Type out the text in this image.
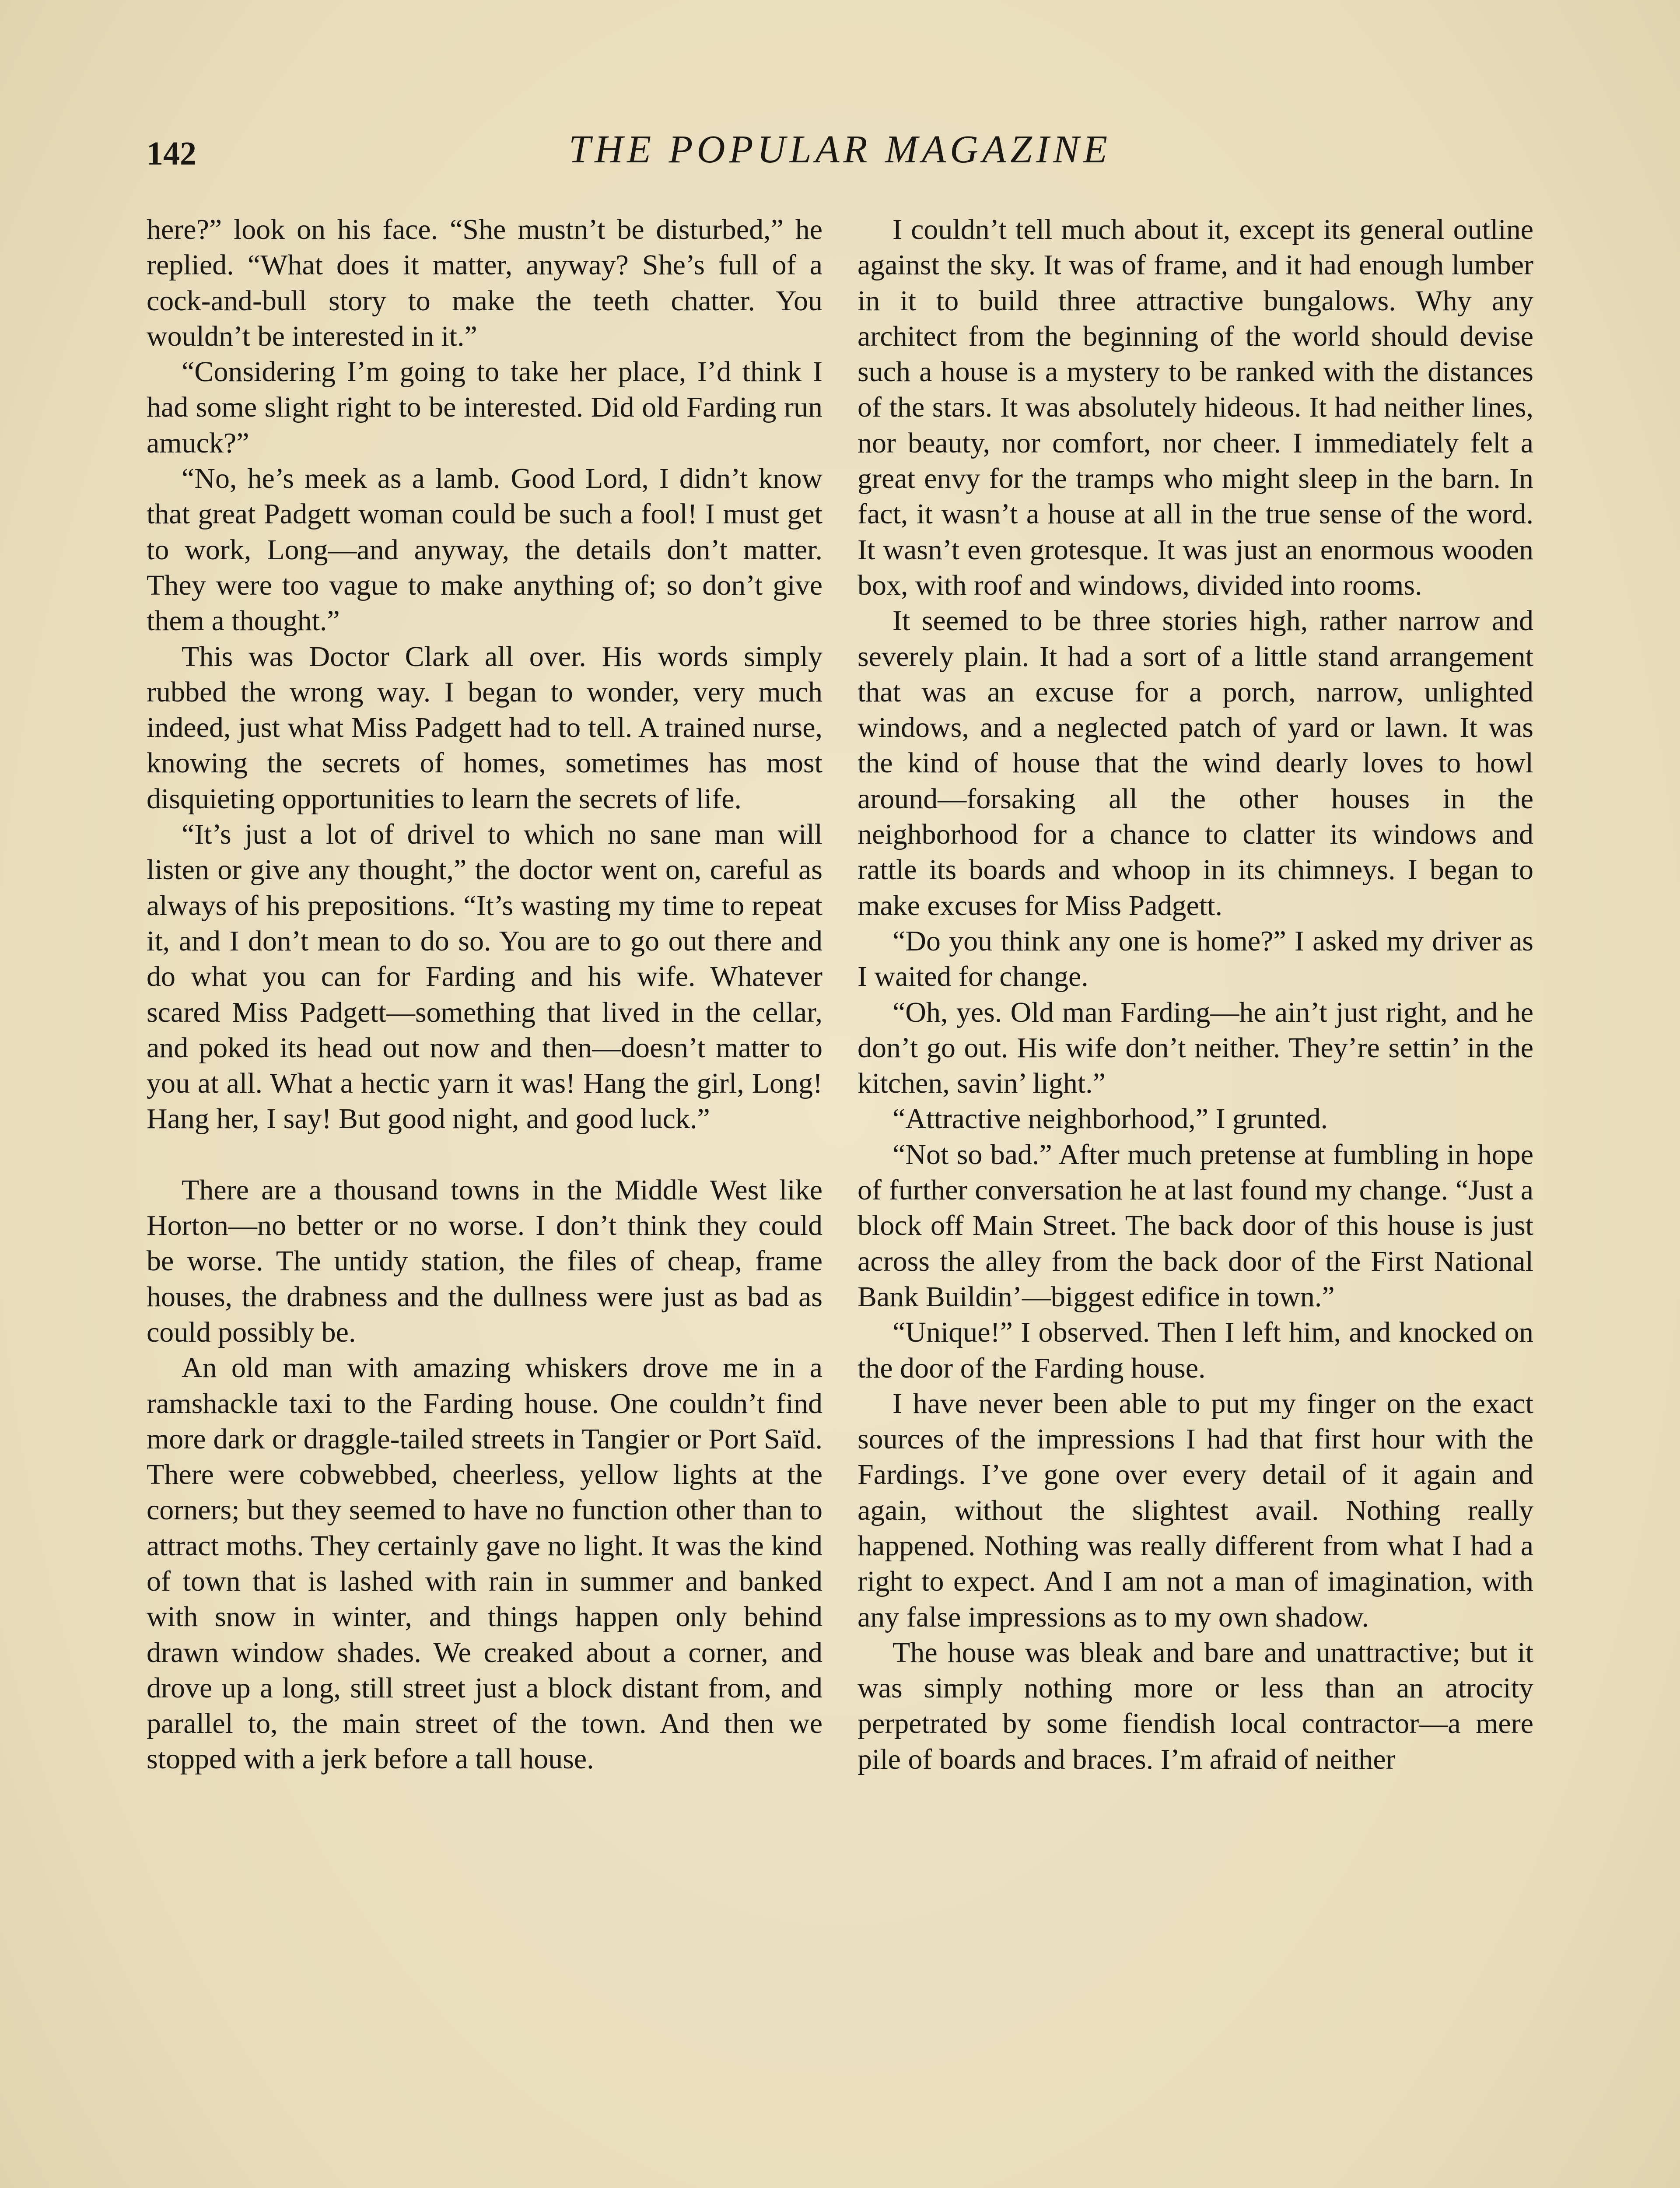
142	THE POPULAR MAGAZINE

here?” look on his face. “She mustn’t be disturbed,” he replied. “What does it matter, anyway? She’s full of a cock-and-bull story to make the teeth chatter. You wouldn’t be interested in it.”

“Considering I’m going to take her place, I’d think I had some slight right to be interested. Did old Farding run amuck?”

“No, he’s meek as a lamb. Good Lord, I didn’t know that great Padgett woman could be such a fool! I must get to work, Long—and anyway, the details don’t matter. They were too vague to make anything of; so don’t give them a thought.”

This was Doctor Clark all over. His words simply rubbed the wrong way. I began to wonder, very much indeed, just what Miss Padgett had to tell. A trained nurse, knowing the secrets of homes, sometimes has most disquieting opportunities to learn the secrets of life.

“It’s just a lot of drivel to which no sane man will listen or give any thought,” the doctor went on, careful as always of his prepositions. “It’s wasting my time to repeat it, and I don’t mean to do so. You are to go out there and do what you can for Farding and his wife. Whatever scared Miss Padgett—something that lived in the cellar, and poked its head out now and then—doesn’t matter to you at all. What a hectic yarn it was! Hang the girl, Long! Hang her, I say! But good night, and good luck.”

There are a thousand towns in the Middle West like Horton—no better or no worse. I don’t think they could be worse. The untidy station, the files of cheap, frame houses, the drabness and the dullness were just as bad as could possibly be.

An old man with amazing whiskers drove me in a ramshackle taxi to the Farding house. One couldn’t find more dark or draggle-tailed streets in Tangier or Port Saïd. There were cobwebbed, cheerless, yellow lights at the corners; but they seemed to have no function other than to attract moths. They certainly gave no light. It was the kind of town that is lashed with rain in summer and banked with snow in winter, and things happen only behind drawn window shades. We creaked about a corner, and drove up a long, still street just a block distant from, and parallel to, the main street of the town. And then we stopped with a jerk before a tall house.

I couldn’t tell much about it, except its general outline against the sky. It was of frame, and it had enough lumber in it to build three attractive bungalows. Why any architect from the beginning of the world should devise such a house is a mystery to be ranked with the distances of the stars. It was absolutely hideous. It had neither lines, nor beauty, nor comfort, nor cheer. I immediately felt a great envy for the tramps who might sleep in the barn. In fact, it wasn’t a house at all in the true sense of the word. It wasn’t even grotesque. It was just an enormous wooden box, with roof and windows, divided into rooms.

It seemed to be three stories high, rather narrow and severely plain. It had a sort of a little stand arrangement that was an excuse for a porch, narrow, unlighted windows, and a neglected patch of yard or lawn. It was the kind of house that the wind dearly loves to howl around—forsaking all the other houses in the neighborhood for a chance to clatter its windows and rattle its boards and whoop in its chimneys. I began to make excuses for Miss Padgett.

“Do you think any one is home?” I asked my driver as I waited for change.

“Oh, yes. Old man Farding—he ain’t just right, and he don’t go out. His wife don’t neither. They’re settin’ in the kitchen, savin’ light.”

“Attractive neighborhood,” I grunted.

“Not so bad.” After much pretense at fumbling in hope of further conversation he at last found my change. “Just a block off Main Street. The back door of this house is just across the alley from the back door of the First National Bank Buildin’—biggest edifice in town.”

“Unique!” I observed. Then I left him, and knocked on the door of the Farding house.

I have never been able to put my finger on the exact sources of the impressions I had that first hour with the Fardings. I’ve gone over every detail of it again and again, without the slightest avail. Nothing really happened. Nothing was really different from what I had a right to expect. And I am not a man of imagination, with any false impressions as to my own shadow.

The house was bleak and bare and unattractive; but it was simply nothing more or less than an atrocity perpetrated by some fiendish local contractor—a mere pile of boards and braces. I’m afraid of neither
